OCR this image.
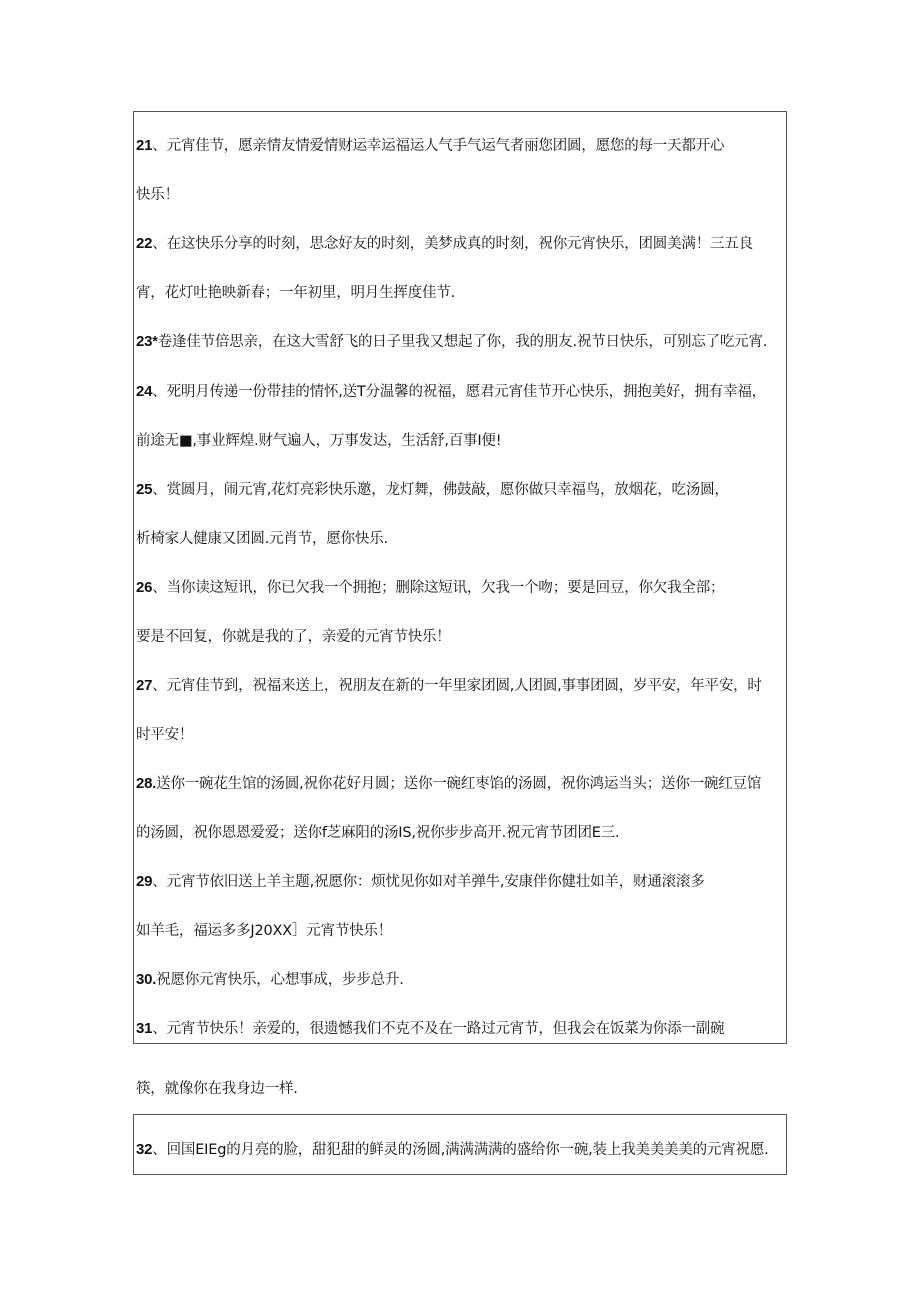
21、元宵佳节，愿亲情友情爱情财运幸运福运人气手气运气者丽您团圆，愿您的每一天都开心
快乐！
22、在这快乐分享的时刻，思念好友的时刻，美梦成真的时刻，祝你元宵快乐，团圆美满！三五良
宵，花灯吐艳映新春；一年初里，明月生挥度佳节.
23*卷逢佳节倍思亲，在这大雪舒飞的日子里我又想起了你，我的朋友.祝节日快乐，可别忘了吃元宵.
24、死明月传递一份带挂的情怀,送T分温馨的祝福，愿君元宵佳节开心快乐，拥抱美好，拥有幸福，
前途无■,事业辉煌.财气遍人，万事发达，生活舒,百事I便!
25、赏圆月，闹元宵,花灯亮彩快乐邀，龙灯舞，佛鼓敲，愿你做只幸福鸟，放烟花，吃汤圆，
析椅家人健康又团圆.元肖节，愿你快乐.
26、当你读这短讯，你已欠我一个拥抱；删除这短讯，欠我一个吻；要是回豆，你欠我全部；
要是不回复，你就是我的了，亲爱的元宵节快乐！
27、元宵佳节到，祝福来送上，祝朋友在新的一年里家团圆,人团圆,事事团圆，岁平安，年平安，时
时平安！
28.送你一碗花生馆的汤圆,祝你花好月圆；送你一碗红枣馅的汤圆，祝你鸿运当头；送你一碗红豆馆
的汤圆，祝你恩恩爱爱；送你f芝麻阳的汤IS,祝你步步高开.祝元宵节团团E三.
29、元宵节依旧送上羊主题,祝愿你：烦忧见你如对羊弹牛,安康伴你健壮如羊，财通滚滚多
如羊毛，福运多多J20XX］元宵节快乐！
30.祝愿你元宵快乐，心想事成，步步总升.
31、元宵节快乐！亲爱的，很遗憾我们不克不及在一路过元宵节，但我会在饭菜为你添一副碗
筷，就像你在我身边一样.
32、回国EIEg的月亮的脸，甜犯甜的鲜灵的汤圆,满满满满的盛给你一碗,装上我美美美美的元宵祝愿.
